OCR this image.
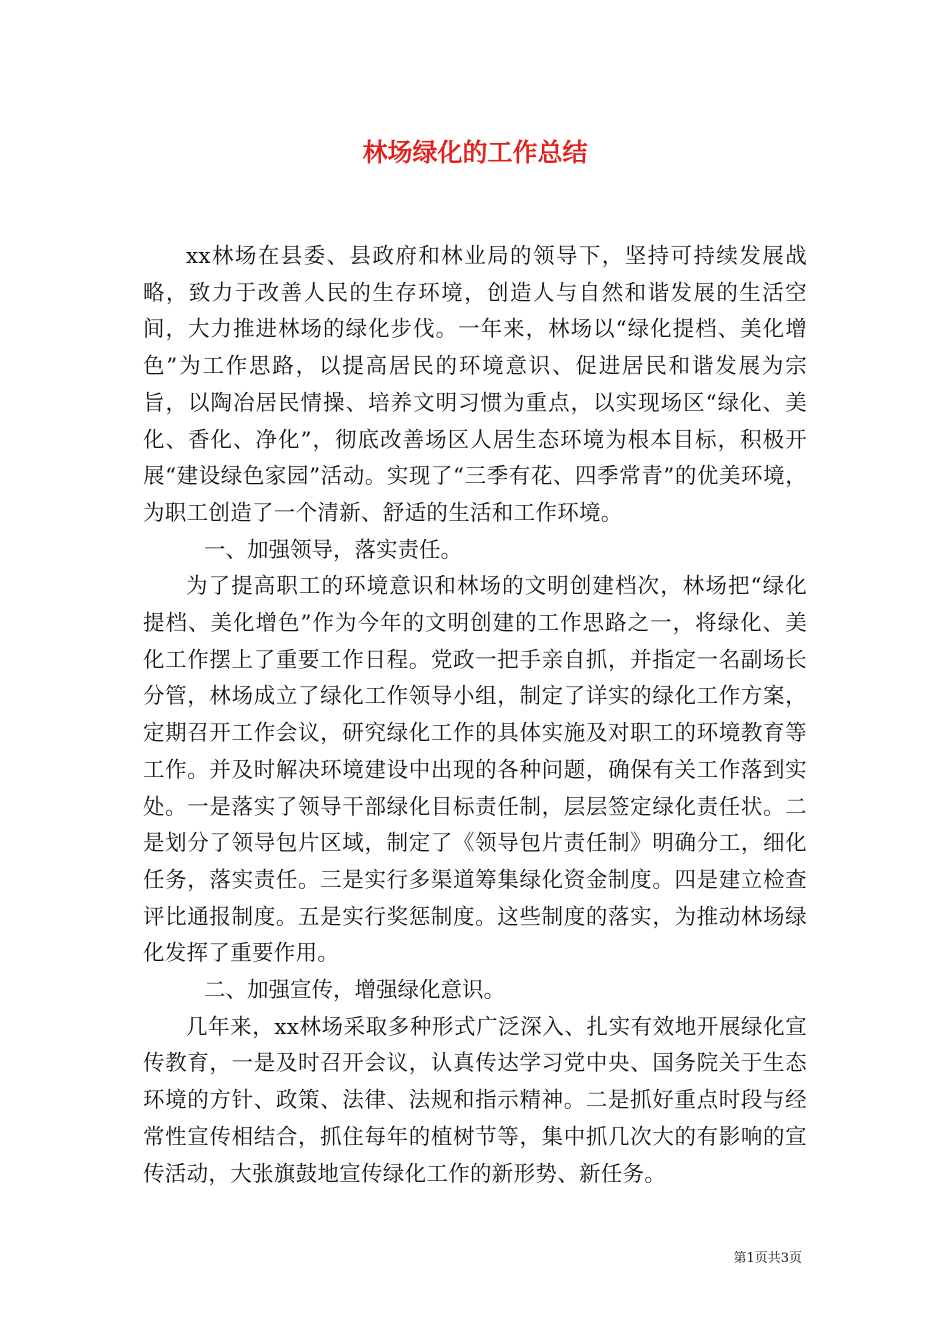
林场绿化的工作总结

xx林场在县委、县政府和林业局的领导下，坚持可持续发展战略，致力于改善人民的生存环境，创造人与自然和谐发展的生活空间，大力推进林场的绿化步伐。一年来，林场以“绿化提档、美化增色”为工作思路，以提高居民的环境意识、促进居民和谐发展为宗旨，以陶冶居民情操、培养文明习惯为重点，以实现场区“绿化、美化、香化、净化”，彻底改善场区人居生态环境为根本目标，积极开展“建设绿色家园”活动。实现了“三季有花、四季常青”的优美环境，为职工创造了一个清新、舒适的生活和工作环境。

一、加强领导，落实责任。

为了提高职工的环境意识和林场的文明创建档次，林场把“绿化提档、美化增色”作为今年的文明创建的工作思路之一，将绿化、美化工作摆上了重要工作日程。党政一把手亲自抓，并指定一名副场长分管，林场成立了绿化工作领导小组，制定了详实的绿化工作方案，定期召开工作会议，研究绿化工作的具体实施及对职工的环境教育等工作。并及时解决环境建设中出现的各种问题，确保有关工作落到实处。一是落实了领导干部绿化目标责任制，层层签定绿化责任状。二是划分了领导包片区域，制定了《领导包片责任制》明确分工，细化任务，落实责任。三是实行多渠道筹集绿化资金制度。四是建立检查评比通报制度。五是实行奖惩制度。这些制度的落实，为推动林场绿化发挥了重要作用。

二、加强宣传，增强绿化意识。

几年来，xx林场采取多种形式广泛深入、扎实有效地开展绿化宣传教育，一是及时召开会议，认真传达学习党中央、国务院关于生态环境的方针、政策、法律、法规和指示精神。二是抓好重点时段与经常性宣传相结合，抓住每年的植树节等，集中抓几次大的有影响的宣传活动，大张旗鼓地宣传绿化工作的新形势、新任务。

第1页共3页
